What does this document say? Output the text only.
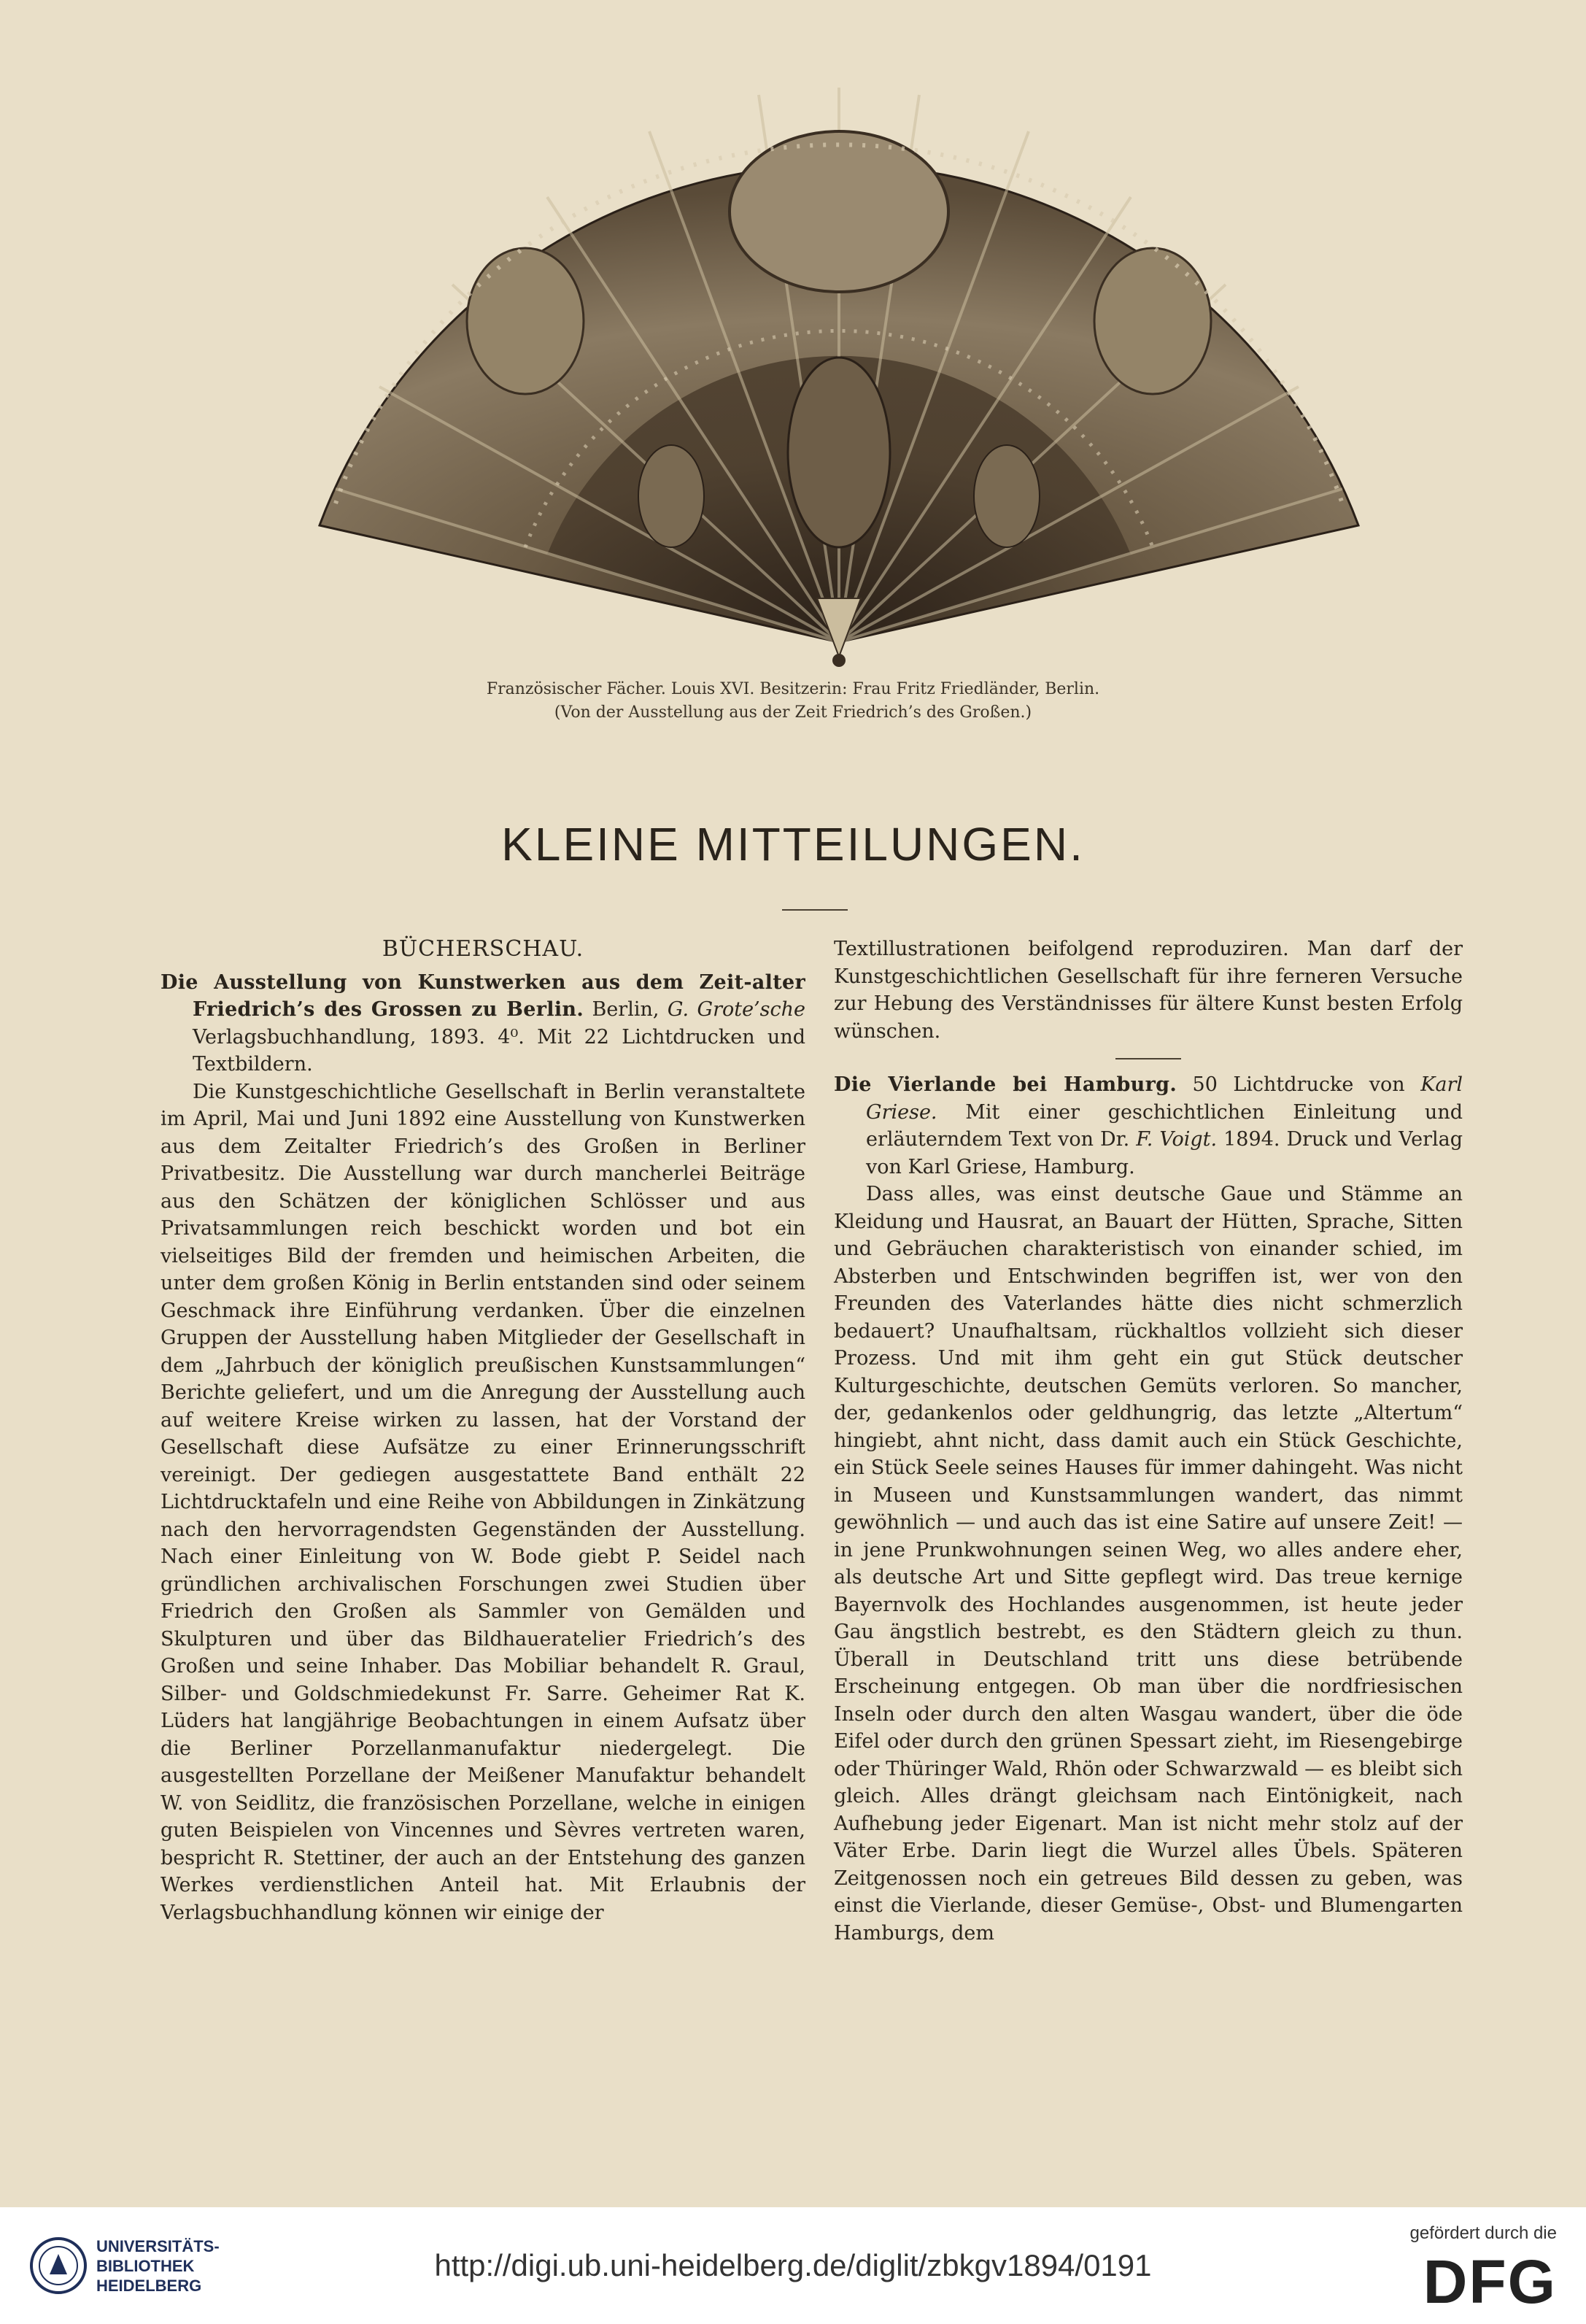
Französischer Fächer. Louis XVI. Besitzerin: Frau Fritz Friedländer, Berlin.
(Von der Ausstellung aus der Zeit Friedrich’s des Großen.)
KLEINE MITTEILUNGEN.
BÜCHERSCHAU.

Die Ausstellung von Kunstwerken aus dem Zeit-alter Friedrich’s des Grossen zu Berlin. Berlin, G. Grote’sche Verlagsbuchhandlung, 1893. 4⁰. Mit 22 Lichtdrucken und Textbildern.

Die Kunstgeschichtliche Gesellschaft in Berlin veranstaltete im April, Mai und Juni 1892 eine Ausstellung von Kunstwerken aus dem Zeitalter Friedrich’s des Großen in Berliner Privatbesitz. Die Ausstellung war durch mancherlei Beiträge aus den Schätzen der königlichen Schlösser und aus Privatsammlungen reich beschickt worden und bot ein vielseitiges Bild der fremden und heimischen Arbeiten, die unter dem großen König in Berlin entstanden sind oder seinem Geschmack ihre Einführung verdanken. Über die einzelnen Gruppen der Ausstellung haben Mitglieder der Gesellschaft in dem „Jahrbuch der königlich preußischen Kunstsammlungen“ Berichte geliefert, und um die Anregung der Ausstellung auch auf weitere Kreise wirken zu lassen, hat der Vorstand der Gesellschaft diese Aufsätze zu einer Erinnerungsschrift vereinigt. Der gediegen ausgestattete Band enthält 22 Lichtdrucktafeln und eine Reihe von Abbildungen in Zinkätzung nach den hervorragendsten Gegenständen der Ausstellung. Nach einer Einleitung von W. Bode giebt P. Seidel nach gründlichen archivalischen Forschungen zwei Studien über Friedrich den Großen als Sammler von Gemälden und Skulpturen und über das Bildhaueratelier Friedrich’s des Großen und seine Inhaber. Das Mobiliar behandelt R. Graul, Silber- und Goldschmiedekunst Fr. Sarre. Geheimer Rat K. Lüders hat langjährige Beobachtungen in einem Aufsatz über die Berliner Porzellanmanufaktur niedergelegt. Die ausgestellten Porzellane der Meißener Manufaktur behandelt W. von Seidlitz, die französischen Porzellane, welche in einigen guten Beispielen von Vincennes und Sèvres vertreten waren, bespricht R. Stettiner, der auch an der Entstehung des ganzen Werkes verdienstlichen Anteil hat. Mit Erlaubnis der Verlagsbuchhandlung können wir einige der

Textillustrationen beifolgend reproduziren. Man darf der Kunstgeschichtlichen Gesellschaft für ihre ferneren Versuche zur Hebung des Verständnisses für ältere Kunst besten Erfolg wünschen.

Die Vierlande bei Hamburg. 50 Lichtdrucke von Karl Griese. Mit einer geschichtlichen Einleitung und erläuterndem Text von Dr. F. Voigt. 1894. Druck und Verlag von Karl Griese, Hamburg.

Dass alles, was einst deutsche Gaue und Stämme an Kleidung und Hausrat, an Bauart der Hütten, Sprache, Sitten und Gebräuchen charakteristisch von einander schied, im Absterben und Entschwinden begriffen ist, wer von den Freunden des Vaterlandes hätte dies nicht schmerzlich bedauert? Unaufhaltsam, rückhaltlos vollzieht sich dieser Prozess. Und mit ihm geht ein gut Stück deutscher Kulturgeschichte, deutschen Gemüts verloren. So mancher, der, gedankenlos oder geldhungrig, das letzte „Altertum“ hingiebt, ahnt nicht, dass damit auch ein Stück Geschichte, ein Stück Seele seines Hauses für immer dahingeht. Was nicht in Museen und Kunstsammlungen wandert, das nimmt gewöhnlich — und auch das ist eine Satire auf unsere Zeit! — in jene Prunkwohnungen seinen Weg, wo alles andere eher, als deutsche Art und Sitte gepflegt wird. Das treue kernige Bayernvolk des Hochlandes ausgenommen, ist heute jeder Gau ängstlich bestrebt, es den Städtern gleich zu thun. Überall in Deutschland tritt uns diese betrübende Erscheinung entgegen. Ob man über die nordfriesischen Inseln oder durch den alten Wasgau wandert, über die öde Eifel oder durch den grünen Spessart zieht, im Riesengebirge oder Thüringer Wald, Rhön oder Schwarzwald — es bleibt sich gleich. Alles drängt gleichsam nach Eintönigkeit, nach Aufhebung jeder Eigenart. Man ist nicht mehr stolz auf der Väter Erbe. Darin liegt die Wurzel alles Übels. Späteren Zeitgenossen noch ein getreues Bild dessen zu geben, was einst die Vierlande, dieser Gemüse-, Obst- und Blumengarten Hamburgs, dem

UNIVERSITÄTS-
BIBLIOTHEK
HEIDELBERG
http://digi.ub.uni-heidelberg.de/diglit/zbkgv1894/0191
gefördert durch die
DFG
